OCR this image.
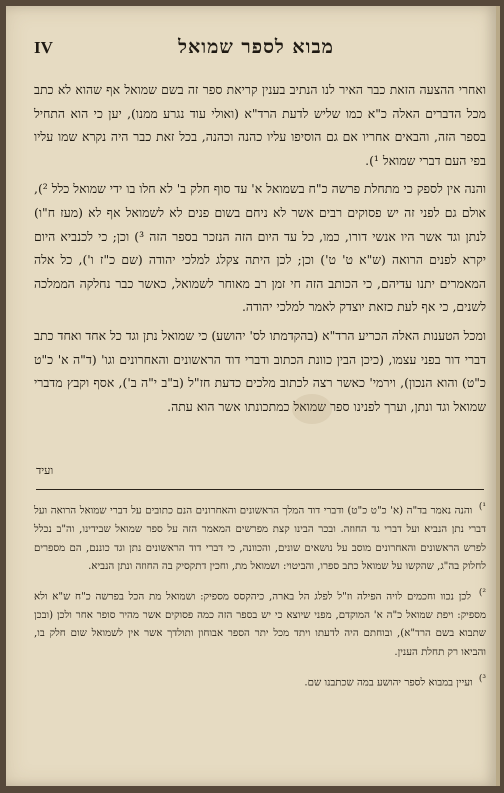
IV	מבוא לספר שמואל

ואחרי ההצעה הזאת כבר האיר לנו הנתיב בענין קריאת ספר זה בשם שמואל אף שהוא לא כתב מכל הדברים האלה כ"א כמו שליש לדעת הרד"א (ואולי עוד נגרע ממנו), יען כי הוא התחיל בספר הזה, והבאים אחריו אם גם הוסיפו עליו כהנה וכהנה, בכל זאת כבר היה נקרא שמו עליו בפי העם דברי שמואל ¹).

והנה אין לספק כי מתחלת פרשה כ"ח בשמואל א' עד סוף חלק ב' לא חלו בו ידי שמואל כלל ²), אולם גם לפני זה יש פסוקים רבים אשר לא ניחם בשום פנים לא לשמואל אף לא (מעז ח"ו) לנתן וגד אשר היו אנשי דורו, כמו, כל עד היום הזה הנזכר בספר הזה ³) וכן; כי לכנביא היום יקרא לפנים הרואה (ש"א ט' ט') וכן; לכן היתה צקלג למלכי יהודה (שם כ"ז ו'), כל אלה המאמרים יתנו עדיהם, כי הכותב הזה חי זמן רב מאוחר לשמואל, כאשר כבר נחלקה הממלכה לשנים, כי אף לעת כזאת יוצדק לאמר למלכי יהודה.

ומכל הטענות האלה הכריע הרד"א (בהקדמתו לס' יהושע) כי שמואל נתן וגד כל אחד ואחד כתב דברי דור בפני עצמו, (כיכן הבין כוונת הכתוב ודברי דוד הראשונים והאחרונים וגו' (ד"ה א' כ"ט כ"ט) והוא הנכון), וירמי' כאשר רצה לכתוב מלכים כדעת חז"ל (ב"ב י"ה ב'), אסף וקבץ מדברי שמואל וגד ונתן, וערך לפנינו ספר שמואל כמתכונתו אשר הוא עתה.

ועיד
¹) והנה נאמר בד"ה (א' כ"ט כ"ט) ודברי דוד המלך הראשונים והאחרונים הנם כתובים על דברי שמואל הרואה ועל דברי נתן הנביא ועל דברי גד החוזה. ובכר הבינו קצת מפרשים המאמר הזה על ספר שמואל שבידינו, וה"ב נכלל לפרש הראשונים והאחרונים מוסב על נושאים שונים, והכוונה, כי דברי דוד הראשונים נתן וגד כוננם, הם מספרים לחלוק בה"ג, שהקשו על שמואל כתב ספרו, והביטוי: ושמואל מת, וחכין דתקסיק בה החוזה ונתן הנביא.
²) לכן נכוו וחכמים לויה הפילה וז"ל לפלג הל בארה, כיהקסס מספיק: ושמואל מת הכל בפרשה כ"ח ש"א ולא מספיק: ויפת שמואל כ"ה א' המוקדם, מפני שיוצא כי יש בספר הזה כמה פסוקים אשר מהיר סופר אחר ולכן (ובכן שתבוא בשם הרד"א), ובוחתם היה לדעתו ויתד מכל יתר הספר אבוחון ותולדך אשר אין לשמואל שום חלק בו, והביאו רק תחלת הענין.
³) ועיין במבוא לספר יהושע במה שכתבנו שם.
